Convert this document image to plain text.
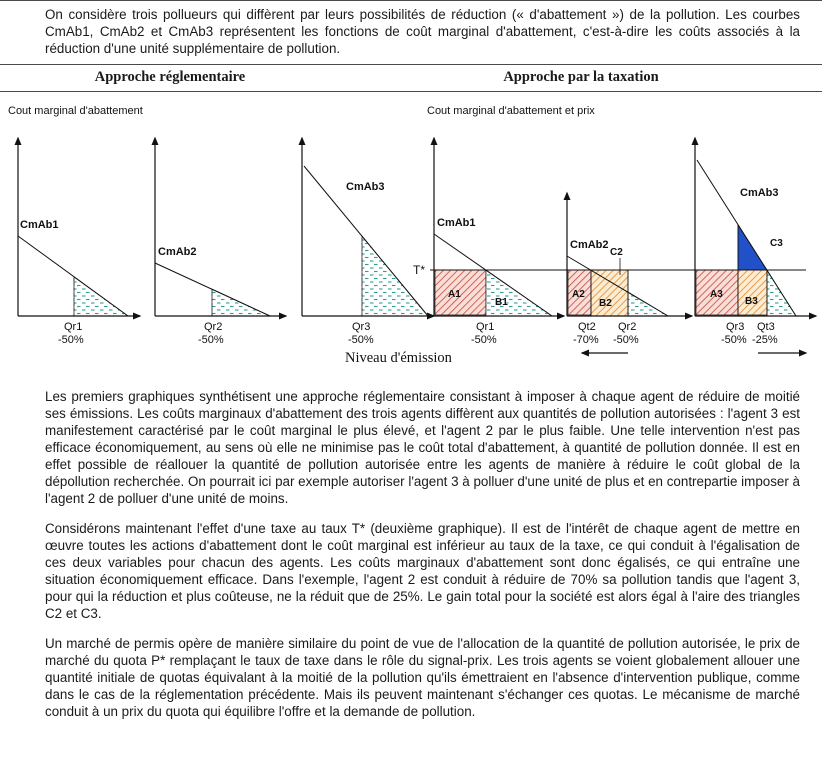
On considère trois pollueurs qui diffèrent par leurs possibilités de réduction (« d'abattement ») de la pollution. Les courbes CmAb1, CmAb2 et CmAb3 représentent les fonctions de coût marginal d'abattement, c'est-à-dire les coûts associés à la réduction d'une unité supplémentaire de pollution.
Approche réglementaire	Approche par la taxation
Cout marginal d'abattement	Cout marginal d'abattement et prix
CmAb1
Qr1
-50%
CmAb2
Qr2
-50%
CmAb3
Qr3
-50%
CmAb1
A1
B1
Qr1
-50%
CmAb2
C2
A2
B2
Qt2 Qr2
-70% -50%
CmAb3
C3
A3
B3
Qr3 Qt3
-50% -25%
T*
Niveau d'émission

Les premiers graphiques synthétisent une approche réglementaire consistant à imposer à chaque agent de réduire de moitié ses émissions. Les coûts marginaux d'abattement des trois agents diffèrent aux quantités de pollution autorisées : l'agent 3 est manifestement caractérisé par le coût marginal le plus élevé, et l'agent 2 par le plus faible. Une telle intervention n'est pas efficace économiquement, au sens où elle ne minimise pas le coût total d'abattement, à quantité de pollution donnée. Il est en effet possible de réallouer la quantité de pollution autorisée entre les agents de manière à réduire le coût global de la dépollution recherchée. On pourrait ici par exemple autoriser l'agent 3 à polluer d'une unité de plus et en contrepartie imposer à l'agent 2 de polluer d'une unité de moins.

Considérons maintenant l'effet d'une taxe au taux T* (deuxième graphique). Il est de l'intérêt de chaque agent de mettre en œuvre toutes les actions d'abattement dont le coût marginal est inférieur au taux de la taxe, ce qui conduit à l'égalisation de ces deux variables pour chacun des agents. Les coûts marginaux d'abattement sont donc égalisés, ce qui entraîne une situation économiquement efficace. Dans l'exemple, l'agent 2 est conduit à réduire de 70% sa pollution tandis que l'agent 3, pour qui la réduction et plus coûteuse, ne la réduit que de 25%. Le gain total pour la société est alors égal à l'aire des triangles C2 et C3.

Un marché de permis opère de manière similaire du point de vue de l'allocation de la quantité de pollution autorisée, le prix de marché du quota P* remplaçant le taux de taxe dans le rôle du signal-prix. Les trois agents se voient globalement allouer une quantité initiale de quotas équivalant à la moitié de la pollution qu'ils émettraient en l'absence d'intervention publique, comme dans le cas de la réglementation précédente. Mais ils peuvent maintenant s'échanger ces quotas. Le mécanisme de marché conduit à un prix du quota qui équilibre l'offre et la demande de pollution.
